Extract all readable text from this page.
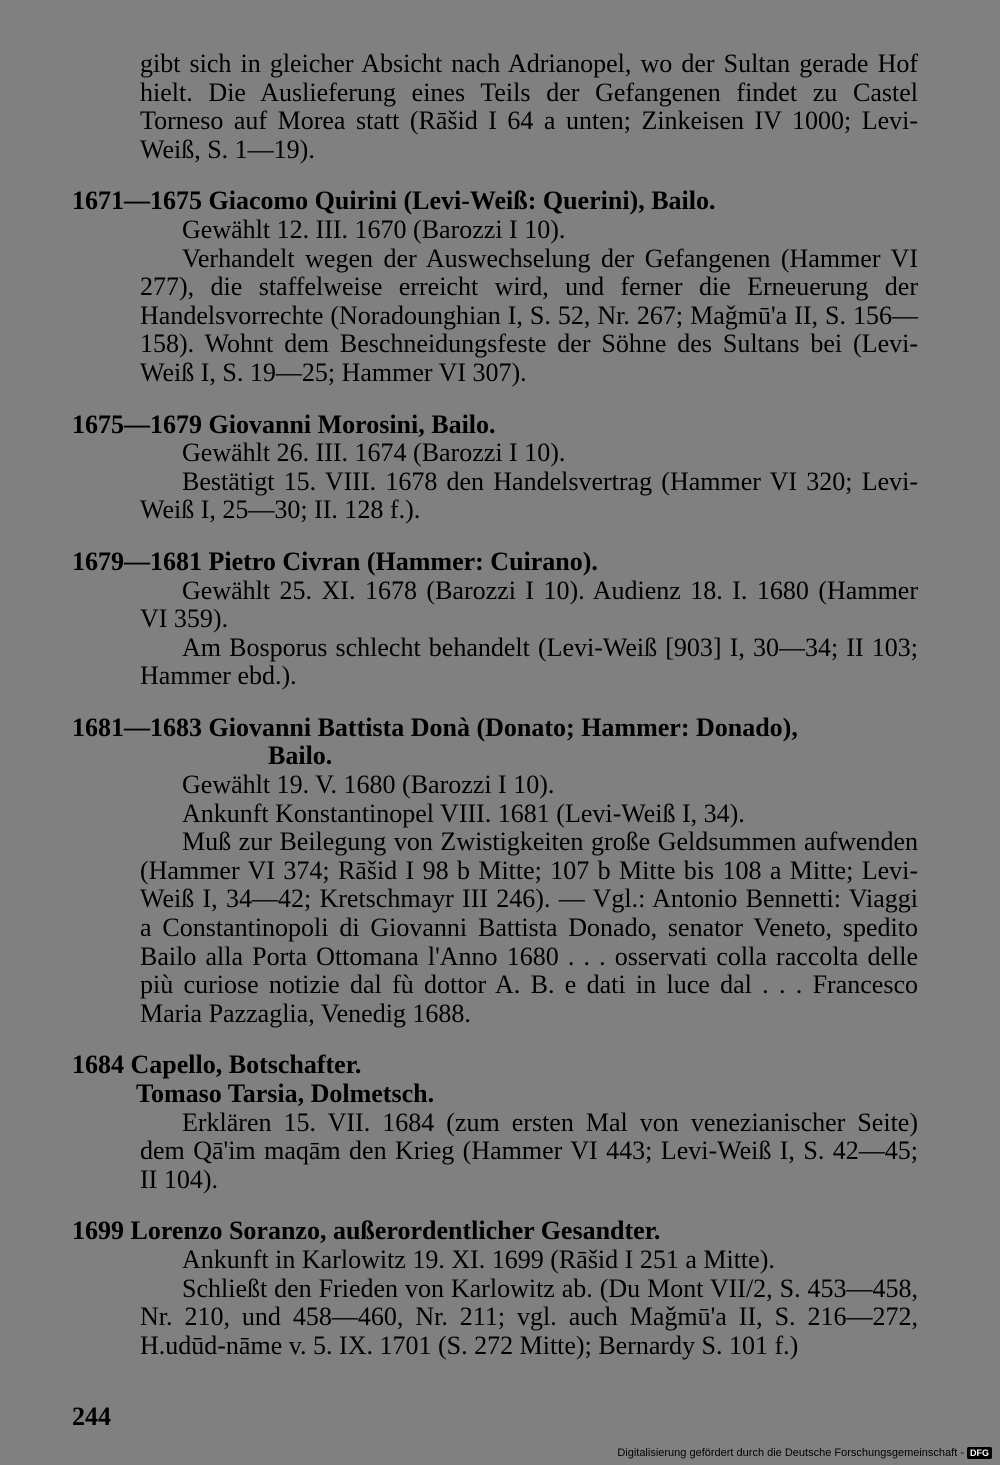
gibt sich in gleicher Absicht nach Adrianopel, wo der Sultan gerade Hof hielt. Die Auslieferung eines Teils der Gefangenen findet zu Castel Torneso auf Morea statt (Rāšid I 64 a unten; Zinkeisen IV 1000; Levi-Weiß, S. 1—19).

1671—1675 Giacomo Quirini (Levi-Weiß: Querini), Bailo.

Gewählt 12. III. 1670 (Barozzi I 10).

Verhandelt wegen der Auswechselung der Gefangenen (Hammer VI 277), die staffelweise erreicht wird, und ferner die Erneuerung der Handelsvorrechte (Noradounghian I, S. 52, Nr. 267; Maǧmū'a II, S. 156—158). Wohnt dem Beschneidungsfeste der Söhne des Sultans bei (Levi-Weiß I, S. 19—25; Hammer VI 307).

1675—1679 Giovanni Morosini, Bailo.

Gewählt 26. III. 1674 (Barozzi I 10).

Bestätigt 15. VIII. 1678 den Handelsvertrag (Hammer VI 320; Levi-Weiß I, 25—30; II. 128 f.).

1679—1681 Pietro Civran (Hammer: Cuirano).

Gewählt 25. XI. 1678 (Barozzi I 10). Audienz 18. I. 1680 (Hammer VI 359).

Am Bosporus schlecht behandelt (Levi-Weiß [903] I, 30—34; II 103; Hammer ebd.).

1681—1683 Giovanni Battista Donà (Donato; Hammer: Donado),

Bailo.

Gewählt 19. V. 1680 (Barozzi I 10).

Ankunft Konstantinopel VIII. 1681 (Levi-Weiß I, 34).

Muß zur Beilegung von Zwistigkeiten große Geldsummen aufwenden (Hammer VI 374; Rāšid I 98 b Mitte; 107 b Mitte bis 108 a Mitte; Levi-Weiß I, 34—42; Kretschmayr III 246). — Vgl.: Antonio Bennetti: Viaggi a Constantinopoli di Giovanni Battista Donado, senator Veneto, spedito Bailo alla Porta Ottomana l'Anno 1680 . . . osservati colla raccolta delle più curiose notizie dal fù dottor A. B. e dati in luce dal . . . Francesco Maria Pazzaglia, Venedig 1688.

1684 Capello, Botschafter.

Tomaso Tarsia, Dolmetsch.

Erklären 15. VII. 1684 (zum ersten Mal von venezianischer Seite) dem Qā'im maqām den Krieg (Hammer VI 443; Levi-Weiß I, S. 42—45; II 104).

1699 Lorenzo Soranzo, außerordentlicher Gesandter.

Ankunft in Karlowitz 19. XI. 1699 (Rāšid I 251 a Mitte).

Schließt den Frieden von Karlowitz ab. (Du Mont VII/2, S. 453—458, Nr. 210, und 458—460, Nr. 211; vgl. auch Maǧmū'a II, S. 216—272, H.udūd-nāme v. 5. IX. 1701 (S. 272 Mitte); Bernardy S. 101 f.)

244
Digitalisierung gefördert durch die Deutsche Forschungsgemeinschaft - DFG
